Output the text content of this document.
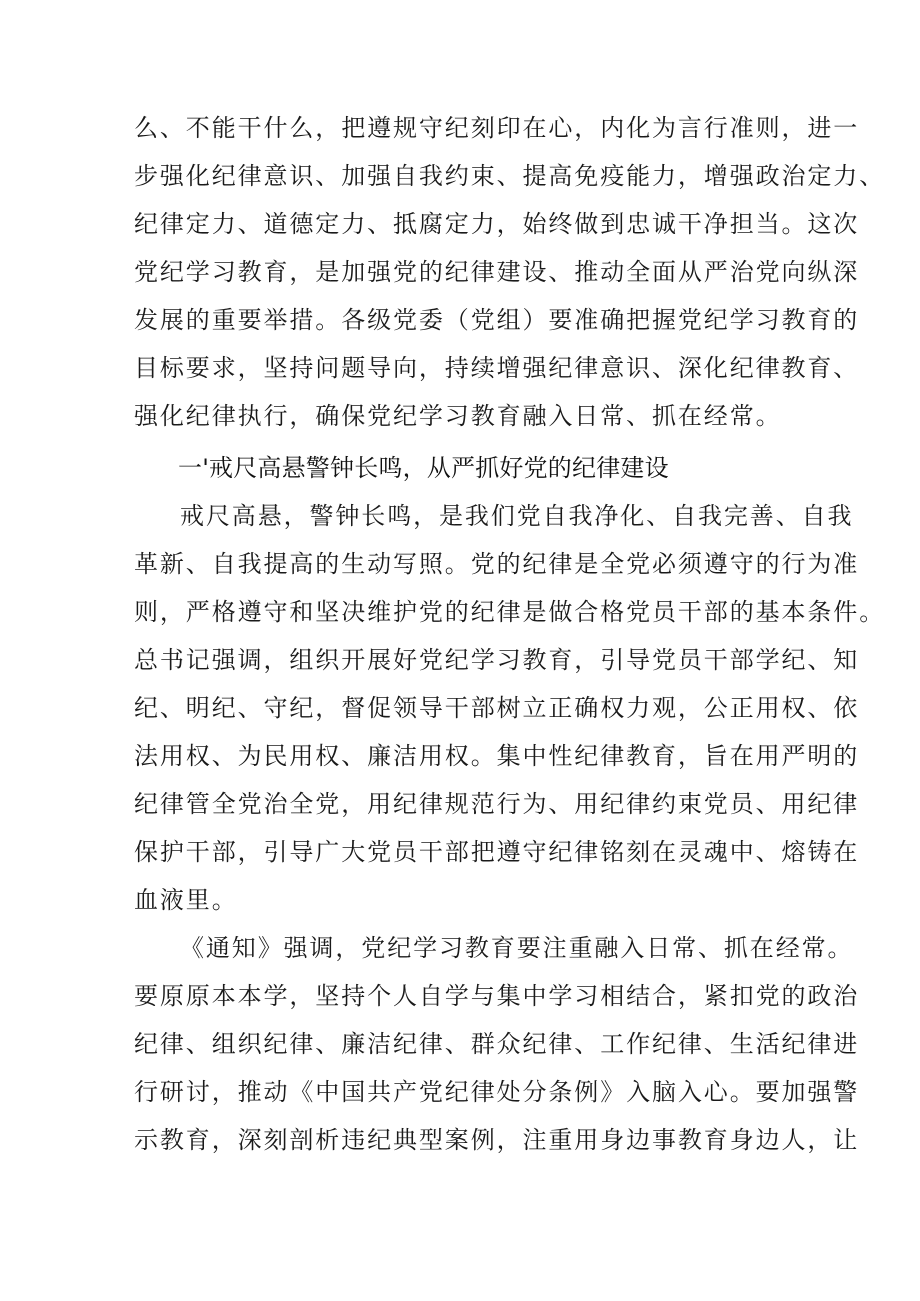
么、不能干什么，把遵规守纪刻印在心，内化为言行准则，进一
步强化纪律意识、加强自我约束、提高免疫能力，增强政治定力、
纪律定力、道德定力、抵腐定力，始终做到忠诚干净担当。这次
党纪学习教育，是加强党的纪律建设、推动全面从严治党向纵深
发展的重要举措。各级党委（党组）要准确把握党纪学习教育的
目标要求，坚持问题导向，持续增强纪律意识、深化纪律教育、
强化纪律执行，确保党纪学习教育融入日常、抓在经常。
一'戒尺高悬警钟长鸣，从严抓好党的纪律建设
戒尺高悬，警钟长鸣，是我们党自我净化、自我完善、自我
革新、自我提高的生动写照。党的纪律是全党必须遵守的行为准
则，严格遵守和坚决维护党的纪律是做合格党员干部的基本条件。
总书记强调，组织开展好党纪学习教育，引导党员干部学纪、知
纪、明纪、守纪，督促领导干部树立正确权力观，公正用权、依
法用权、为民用权、廉洁用权。集中性纪律教育，旨在用严明的
纪律管全党治全党，用纪律规范行为、用纪律约束党员、用纪律
保护干部，引导广大党员干部把遵守纪律铭刻在灵魂中、熔铸在
血液里。
《通知》强调，党纪学习教育要注重融入日常、抓在经常。
要原原本本学，坚持个人自学与集中学习相结合，紧扣党的政治
纪律、组织纪律、廉洁纪律、群众纪律、工作纪律、生活纪律进
行研讨，推动《中国共产党纪律处分条例》入脑入心。要加强警
示教育，深刻剖析违纪典型案例，注重用身边事教育身边人，让
